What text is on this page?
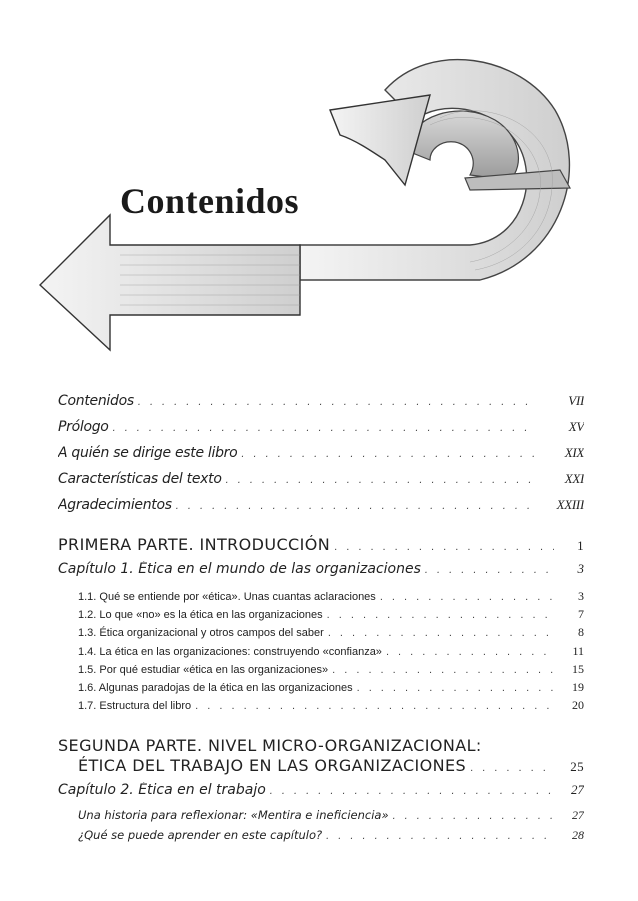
Contenidos
Contenidos . . .	VII
Prólogo . . .	XV
A quién se dirige este libro . . .	XIX
Características del texto . . .	XXI
Agradecimientos . . .	XXIII
PRIMERA PARTE. INTRODUCCIÓN . . .	1
Capítulo 1. Ética en el mundo de las organizaciones . . .	3
1.1. Qué se entiende por «ética». Unas cuantas aclaraciones . . .	3
1.2. Lo que «no» es la ética en las organizaciones . . .	7
1.3. Ética organizacional y otros campos del saber . . .	8
1.4. La ética en las organizaciones: construyendo «confianza» . . .	11
1.5. Por qué estudiar «ética en las organizaciones» . . .	15
1.6. Algunas paradojas de la ética en las organizaciones . . .	19
1.7. Estructura del libro . . .	20
SEGUNDA PARTE. NIVEL MICRO-ORGANIZACIONAL:
ÉTICA DEL TRABAJO EN LAS ORGANIZACIONES . . .	25
Capítulo 2. Ética en el trabajo . . .	27
Una historia para reflexionar: «Mentira e ineficiencia» . . .	27
¿Qué se puede aprender en este capítulo? . . .	28
